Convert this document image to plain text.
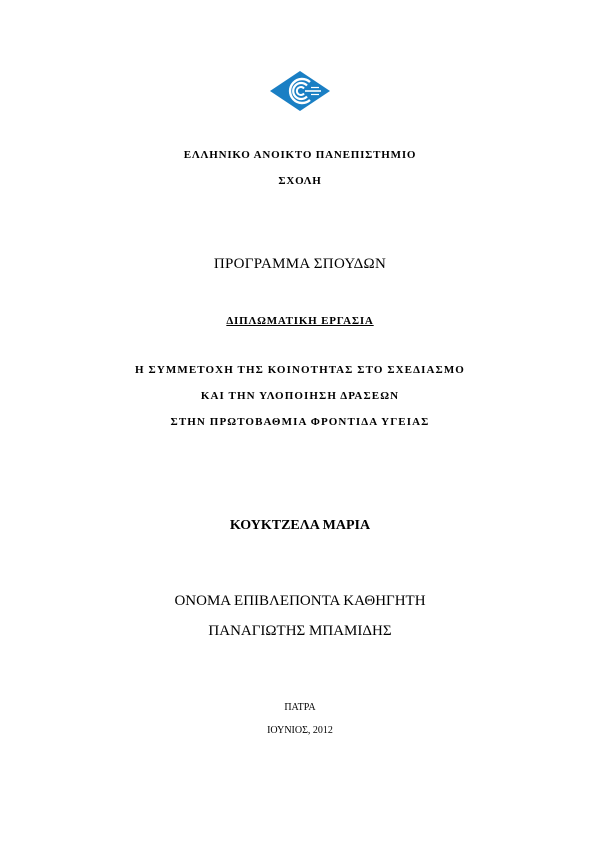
ΕΛΛΗΝΙΚΟ ΑΝΟΙΚΤΟ ΠΑΝΕΠΙΣΤΗΜΙΟ
ΣΧΟΛΗ
ΠΡΟΓΡΑΜΜΑ ΣΠΟΥΔΩΝ
ΔΙΠΛΩΜΑΤΙΚΗ ΕΡΓΑΣΙΑ
Η ΣΥΜΜΕΤΟΧΗ ΤΗΣ ΚΟΙΝΟΤΗΤΑΣ ΣΤΟ ΣΧΕΔΙΑΣΜΟ
ΚΑΙ ΤΗΝ ΥΛΟΠΟΙΗΣΗ ΔΡΑΣΕΩΝ
ΣΤΗΝ ΠΡΩΤΟΒΑΘΜΙΑ ΦΡΟΝΤΙΔΑ ΥΓΕΙΑΣ
ΚΟΥΚΤΖΕΛΑ ΜΑΡΙΑ
ΟΝΟΜΑ ΕΠΙΒΛΕΠΟΝΤΑ ΚΑΘΗΓΗΤΗ
ΠΑΝΑΓΙΩΤΗΣ ΜΠΑΜΙΔΗΣ
ΠΑΤΡΑ
ΙΟΥΝΙΟΣ, 2012
